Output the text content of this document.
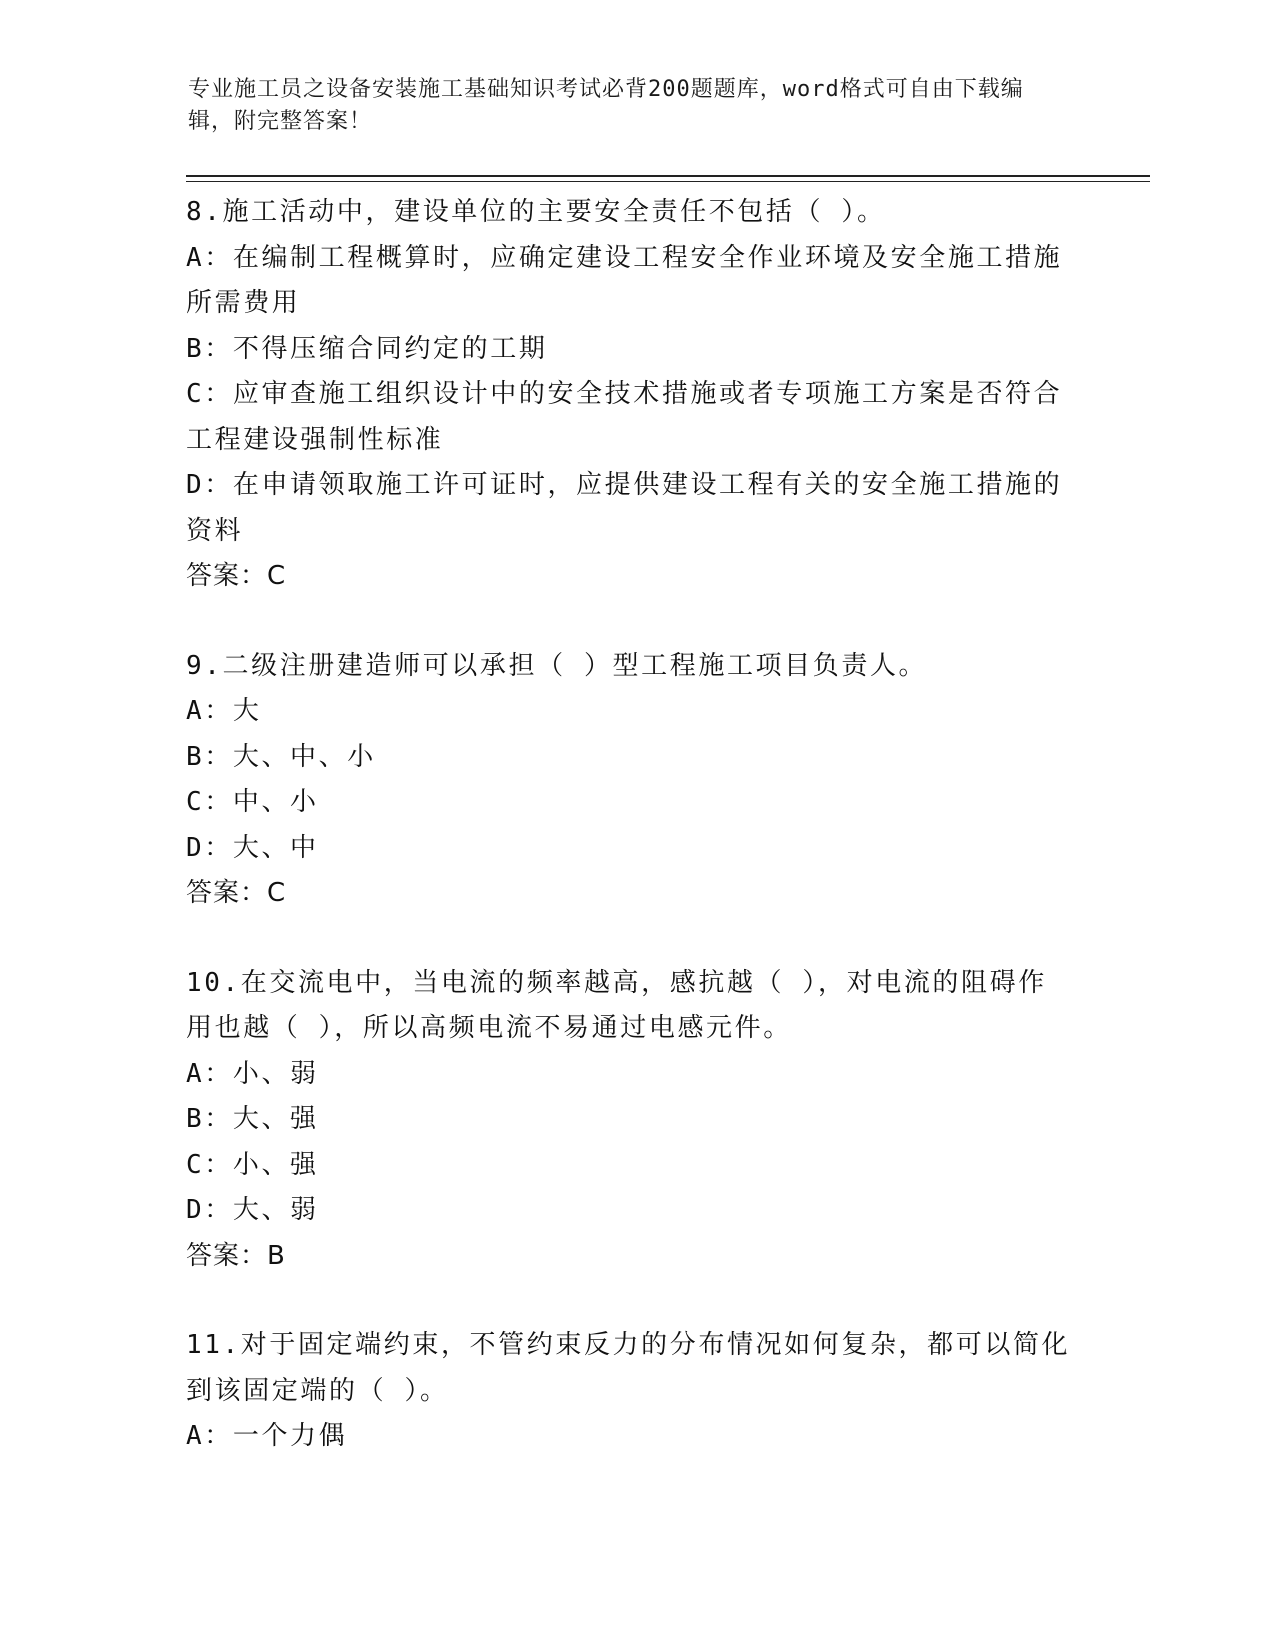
专业施工员之设备安装施工基础知识考试必背200题题库，word格式可自由下载编辑，附完整答案！
8.施工活动中，建设单位的主要安全责任不包括（ ）。
A：在编制工程概算时，应确定建设工程安全作业环境及安全施工措施所需费用
B：不得压缩合同约定的工期
C：应审查施工组织设计中的安全技术措施或者专项施工方案是否符合工程建设强制性标准
D：在申请领取施工许可证时，应提供建设工程有关的安全施工措施的资料
答案：C
9.二级注册建造师可以承担（ ）型工程施工项目负责人。
A：大
B：大、中、小
C：中、小
D：大、中
答案：C
10.在交流电中，当电流的频率越高，感抗越（ ），对电流的阻碍作用也越（ ），所以高频电流不易通过电感元件。
A：小、弱
B：大、强
C：小、强
D：大、弱
答案：B
11.对于固定端约束，不管约束反力的分布情况如何复杂，都可以简化到该固定端的（ ）。
A：一个力偶
